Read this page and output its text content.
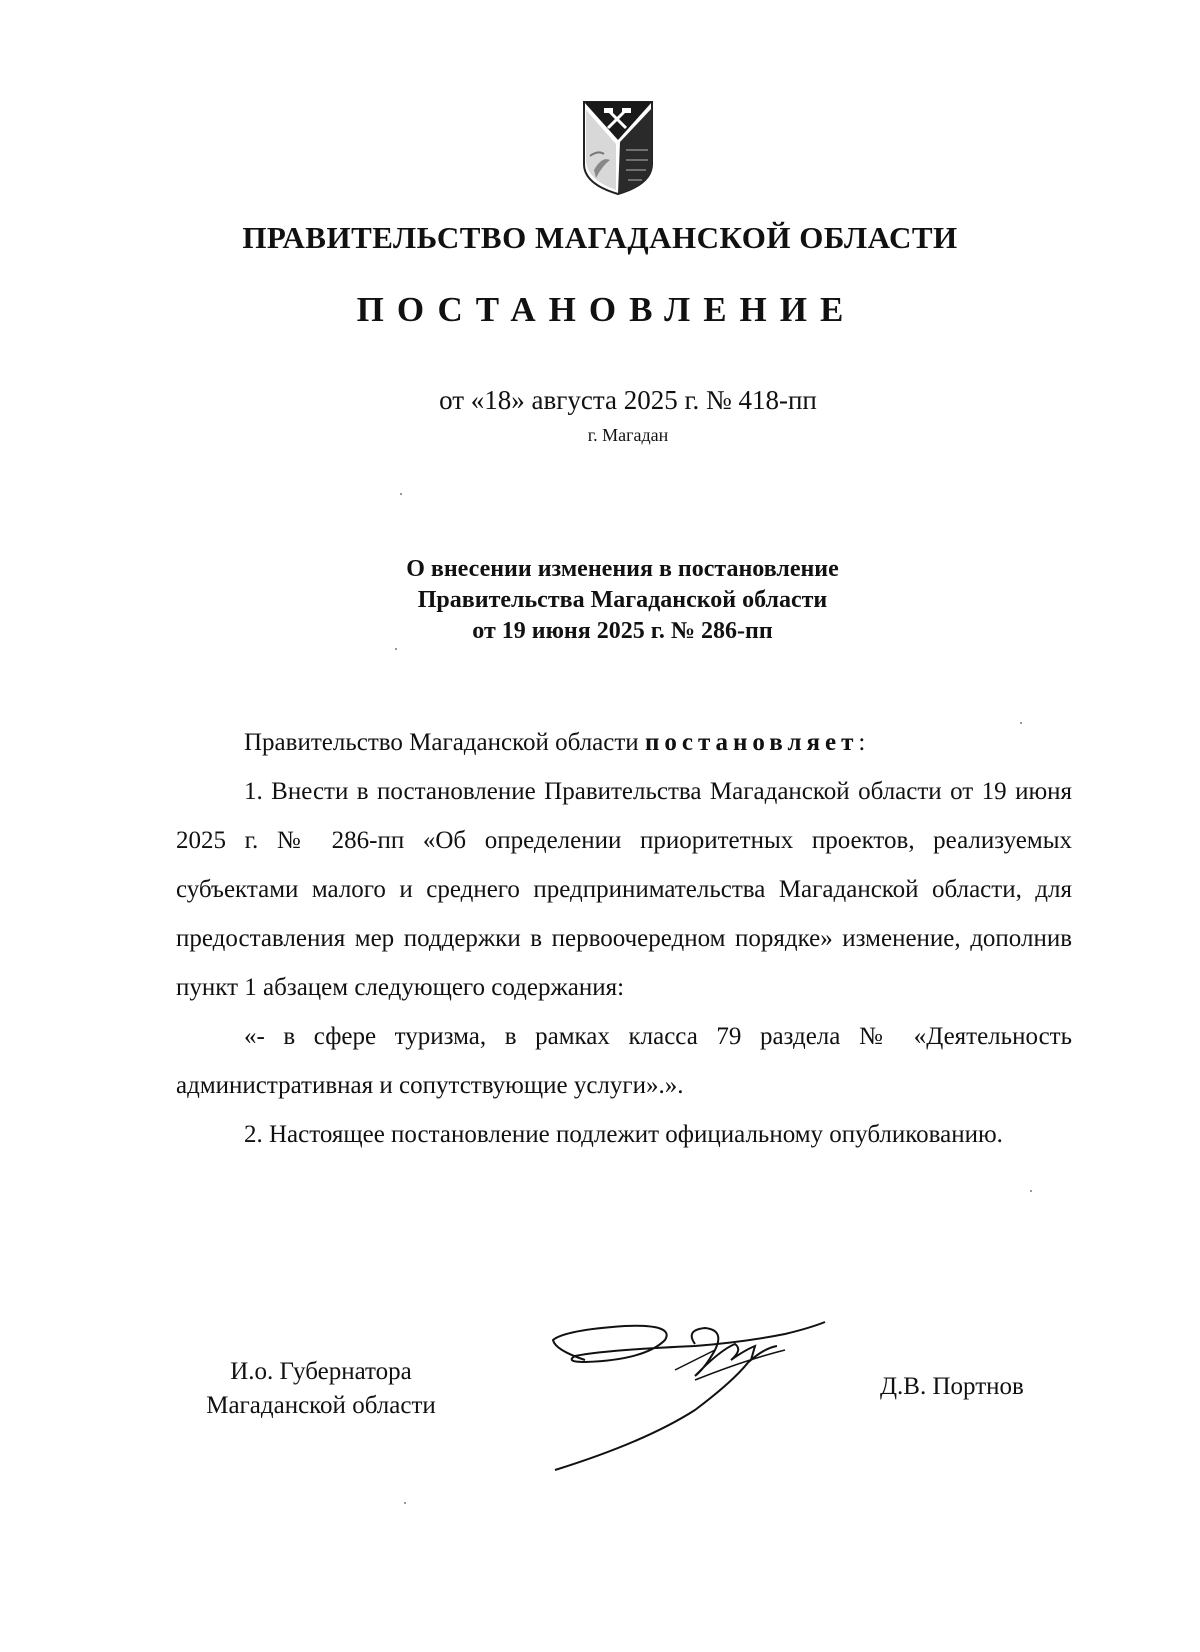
ПРАВИТЕЛЬСТВО МАГАДАНСКОЙ ОБЛАСТИ
ПОСТАНОВЛЕНИЕ
от «18» августа 2025 г. № 418-пп
г. Магадан
О внесении изменения в постановление
Правительства Магаданской области
от 19 июня 2025 г. № 286-пп

Правительство Магаданской области постановляет:

1. Внести в постановление Правительства Магаданской области от 19 июня 2025 г. № 286-пп «Об определении приоритетных проектов, реализуемых субъектами малого и среднего предпринимательства Магаданской области, для предоставления мер поддержки в первоочередном порядке» изменение, дополнив пункт 1 абзацем следующего содержания:

«- в сфере туризма, в рамках класса 79 раздела № «Деятельность административная и сопутствующие услуги».».

2. Настоящее постановление подлежит официальному опубликованию.

И.о. Губернатора
Магаданской области
Д.В. Портнов
